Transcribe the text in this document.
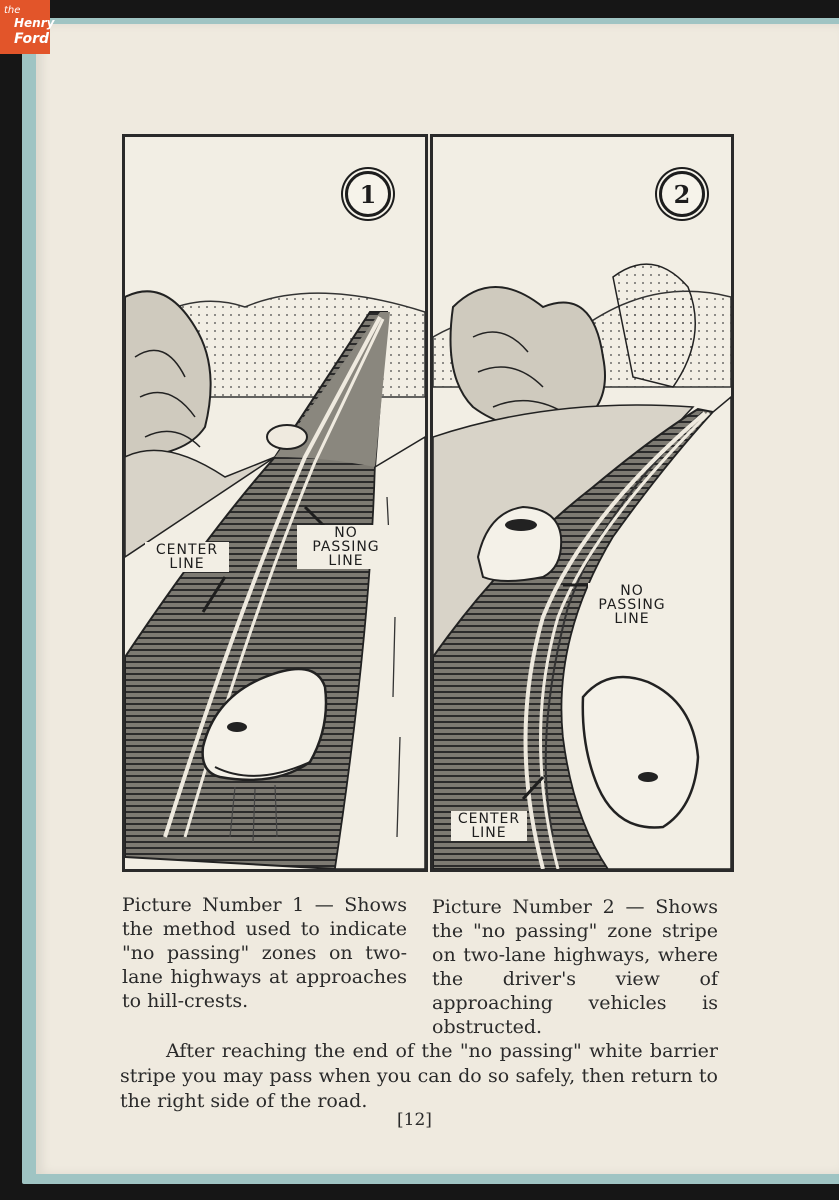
the
Henry
Ford
1
CENTER LINE
NO PASSING LINE
2
NO PASSING LINE
CENTER LINE

Picture Number 1 — Shows the method used to indicate "no passing" zones on two-lane highways at approaches to hill-crests.

Picture Number 2 — Shows the "no passing" zone stripe on two-lane highways, where the driver's view of approaching vehicles is obstructed.

After reaching the end of the "no passing" white barrier stripe you may pass when you can do so safely, then return to the right side of the road.

[12]
